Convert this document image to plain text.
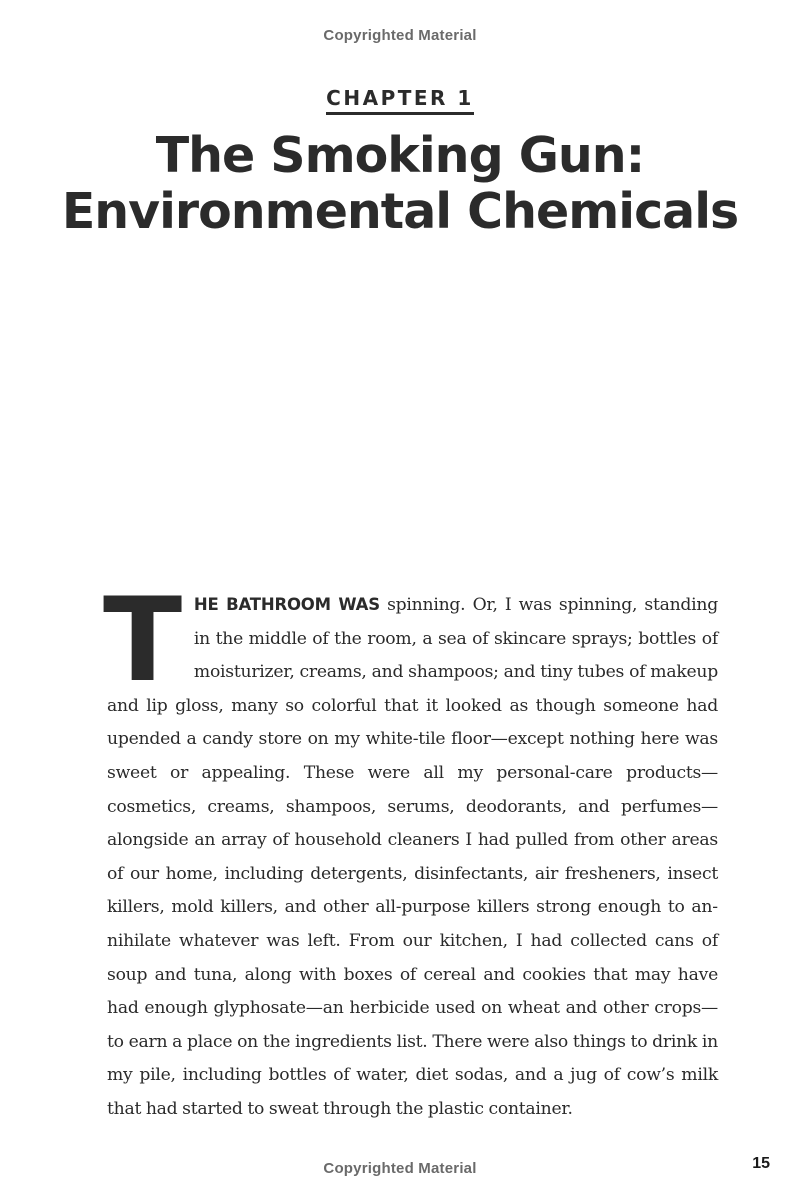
Copyrighted Material
CHAPTER 1
The Smoking Gun:
Environmental Chemicals

THE BATHROOM WAS spinning. Or, I was spinning, standing in the middle of the room, a sea of skincare sprays; bottles of moisturizer, creams, and shampoos; and tiny tubes of makeup and lip gloss, many so colorful that it looked as though someone had upended a candy store on my white-tile floor—except nothing here was sweet or appealing. These were all my personal-care products—cosmetics, creams, shampoos, serums, deodorants, and perfumes—alongside an array of household cleaners I had pulled from other areas of our home, including detergents, disinfectants, air fresheners, insect killers, mold killers, and other all-purpose killers strong enough to annihilate whatever was left. From our kitchen, I had collected cans of soup and tuna, along with boxes of cereal and cookies that may have had enough glyphosate—an herbicide used on wheat and other crops—to earn a place on the ingredients list. There were also things to drink in my pile, including bottles of water, diet sodas, and a jug of cow’s milk that had started to sweat through the plastic container.

Copyrighted Material	15
